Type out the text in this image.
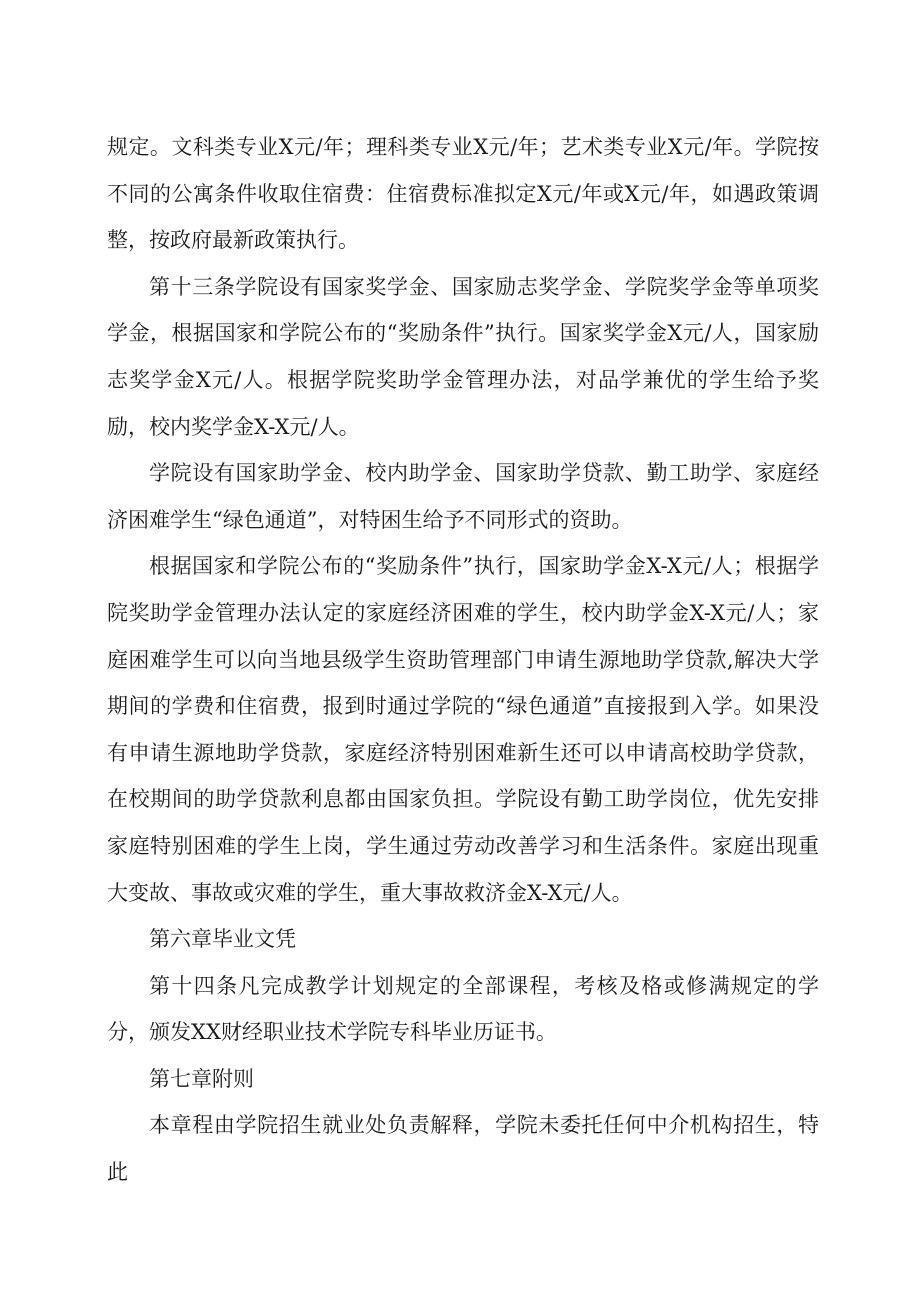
规定。文科类专业X元/年；理科类专业X元/年；艺术类专业X元/年。学院按不同的公寓条件收取住宿费：住宿费标准拟定X元/年或X元/年，如遇政策调整，按政府最新政策执行。

第十三条学院设有国家奖学金、国家励志奖学金、学院奖学金等单项奖学金，根据国家和学院公布的“奖励条件”执行。国家奖学金X元/人，国家励志奖学金X元/人。根据学院奖助学金管理办法，对品学兼优的学生给予奖励，校内奖学金X-X元/人。

学院设有国家助学金、校内助学金、国家助学贷款、勤工助学、家庭经济困难学生“绿色通道”，对特困生给予不同形式的资助。

根据国家和学院公布的“奖励条件”执行，国家助学金X-X元/人；根据学院奖助学金管理办法认定的家庭经济困难的学生，校内助学金X-X元/人；家庭困难学生可以向当地县级学生资助管理部门申请生源地助学贷款,解决大学期间的学费和住宿费，报到时通过学院的“绿色通道”直接报到入学。如果没有申请生源地助学贷款，家庭经济特别困难新生还可以申请高校助学贷款，在校期间的助学贷款利息都由国家负担。学院设有勤工助学岗位，优先安排家庭特别困难的学生上岗，学生通过劳动改善学习和生活条件。家庭出现重大变故、事故或灾难的学生，重大事故救济金X-X元/人。

第六章毕业文凭

第十四条凡完成教学计划规定的全部课程，考核及格或修满规定的学分，颁发XX财经职业技术学院专科毕业历证书。

第七章附则

本章程由学院招生就业处负责解释，学院未委托任何中介机构招生，特此
